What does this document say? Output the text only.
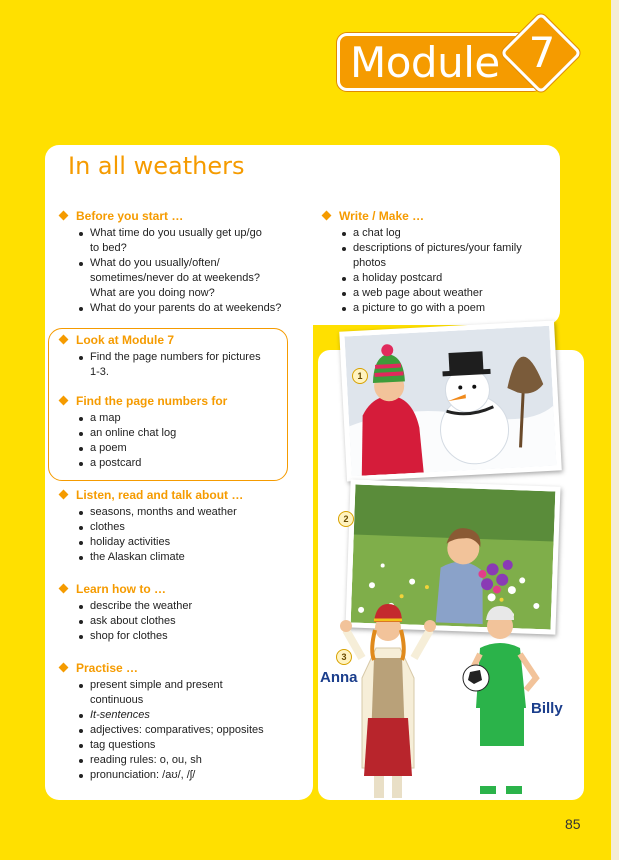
Module 7
In all weathers
Before you start …
What time do you usually get up/go
to bed?
What do you usually/often/
sometimes/never do at weekends?
What are you doing now?
What do your parents do at weekends?
Write / Make …
a chat log
descriptions of pictures/your family
photos
a holiday postcard
a web page about weather
a picture to go with a poem
Look at Module 7
Find the page numbers for pictures
1-3.
Find the page numbers for
a map
an online chat log
a poem
a postcard
Listen, read and talk about …
seasons, months and weather
clothes
holiday activities
the Alaskan climate
Learn how to …
describe the weather
ask about clothes
shop for clothes
Practise …
present simple and present
continuous
It-sentences
adjectives: comparatives; opposites
tag questions
reading rules: o, ou, sh
pronunciation: /aʊ/, /ʃ/
1
2
3
Anna
Billy
85
